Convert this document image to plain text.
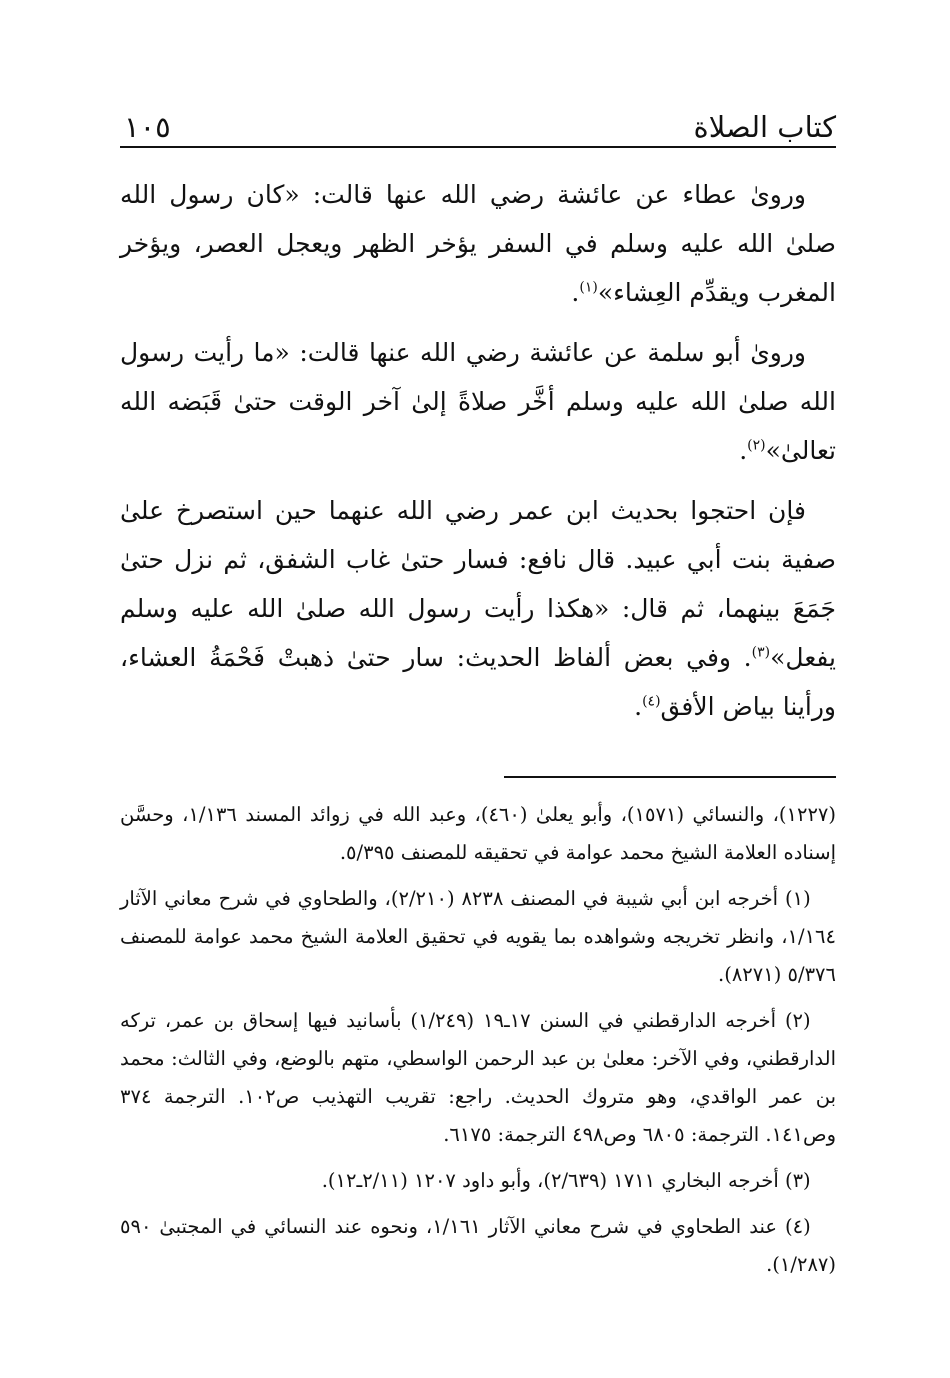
كتاب الصلاة
١٠٥

وروىٰ عطاء عن عائشة رضي الله عنها قالت: «كان رسول الله صلىٰ الله عليه وسلم في السفر يؤخر الظهر ويعجل العصر، ويؤخر المغرب ويقدِّم العِشاء»$^{(١)}$.

وروىٰ أبو سلمة عن عائشة رضي الله عنها قالت: «ما رأيت رسول الله صلىٰ الله عليه وسلم أخَّر صلاةً إلىٰ آخر الوقت حتىٰ قَبَضه الله تعالىٰ»$^{(٢)}$.

فإن احتجوا بحديث ابن عمر رضي الله عنهما حين استصرخ علىٰ صفية بنت أبي عبيد. قال نافع: فسار حتىٰ غاب الشفق، ثم نزل حتىٰ جَمَعَ بينهما، ثم قال: «هكذا رأيت رسول الله صلىٰ الله عليه وسلم يفعل»$^{(٣)}$. وفي بعض ألفاظ الحديث: سار حتىٰ ذهبتْ فَحْمَةُ العشاء، ورأينا بياض الأفق$^{(٤)}$.

(١٢٢٧)، والنسائي (١٥٧١)، وأبو يعلىٰ (٤٦٠)، وعبد الله في زوائد المسند ١/١٣٦، وحسَّن إسناده العلامة الشيخ محمد عوامة في تحقيقه للمصنف ٥/٣٩٥.

(١) أخرجه ابن أبي شيبة في المصنف ٨٢٣٨ (٢/٢١٠)، والطحاوي في شرح معاني الآثار ١/١٦٤، وانظر تخريجه وشواهده بما يقويه في تحقيق العلامة الشيخ محمد عوامة للمصنف ٥/٣٧٦ (٨٢٧١).

(٢) أخرجه الدارقطني في السنن ١٧ـ١٩ (١/٢٤٩) بأسانيد فيها إسحاق بن عمر، تركه الدارقطني، وفي الآخر: معلىٰ بن عبد الرحمن الواسطي، متهم بالوضع، وفي الثالث: محمد بن عمر الواقدي، وهو متروك الحديث. راجع: تقريب التهذيب ص١٠٢. الترجمة ٣٧٤ وص١٤١. الترجمة: ٦٨٠٥ وص٤٩٨ الترجمة: ٦١٧٥.

(٣) أخرجه البخاري ١٧١١ (٢/٦٣٩)، وأبو داود ١٢٠٧ (٢/١١ـ١٢).

(٤) عند الطحاوي في شرح معاني الآثار ١/١٦١، ونحوه عند النسائي في المجتبىٰ ٥٩٠ (١/٢٨٧).
